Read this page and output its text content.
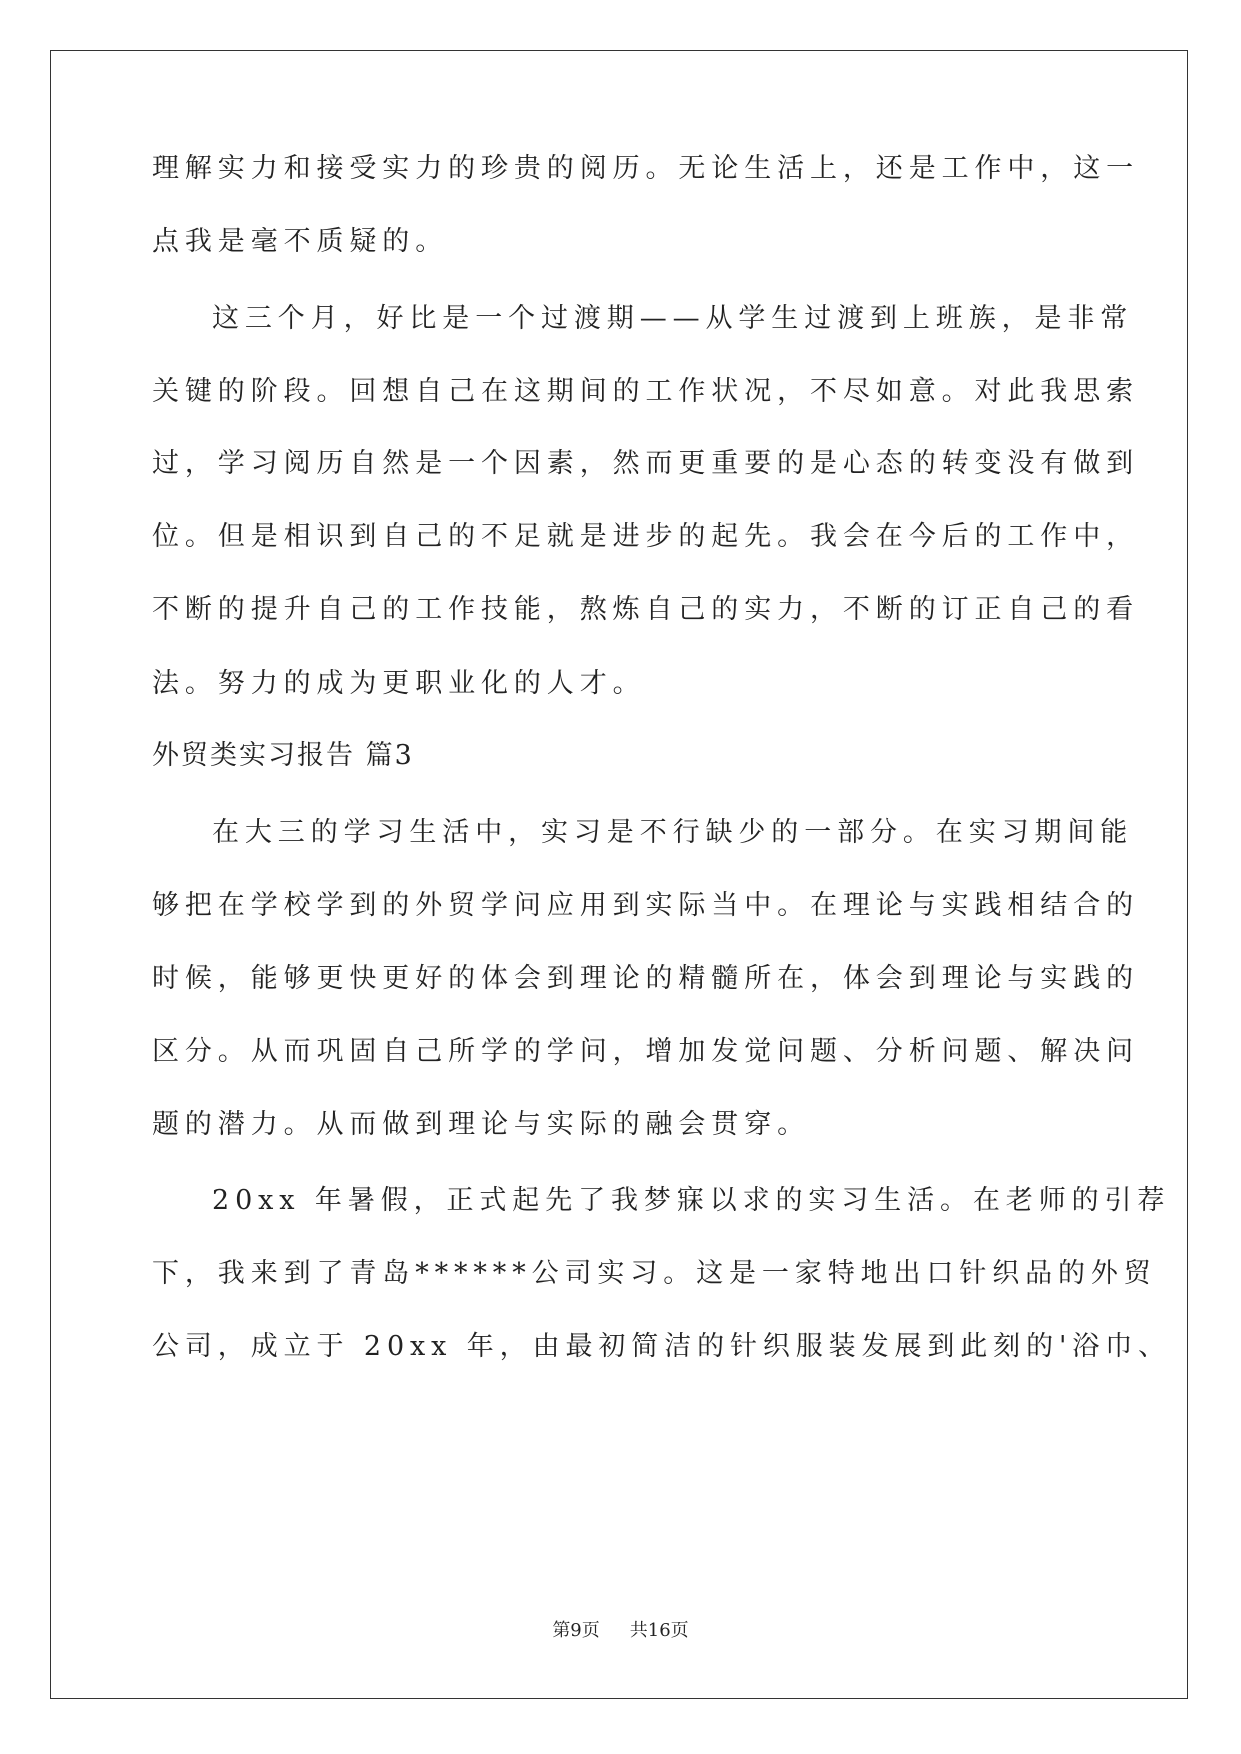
理解实力和接受实力的珍贵的阅历。无论生活上，还是工作中，这一
点我是毫不质疑的。
这三个月，好比是一个过渡期——从学生过渡到上班族，是非常
关键的阶段。回想自己在这期间的工作状况，不尽如意。对此我思索
过，学习阅历自然是一个因素，然而更重要的是心态的转变没有做到
位。但是相识到自己的不足就是进步的起先。我会在今后的工作中，
不断的提升自己的工作技能，熬炼自己的实力，不断的订正自己的看
法。努力的成为更职业化的人才。
外贸类实习报告 篇3
在大三的学习生活中，实习是不行缺少的一部分。在实习期间能
够把在学校学到的外贸学问应用到实际当中。在理论与实践相结合的
时候，能够更快更好的体会到理论的精髓所在，体会到理论与实践的
区分。从而巩固自己所学的学问，增加发觉问题、分析问题、解决问
题的潜力。从而做到理论与实际的融会贯穿。
20xx 年暑假，正式起先了我梦寐以求的实习生活。在老师的引荐
下，我来到了青岛******公司实习。这是一家特地出口针织品的外贸
公司，成立于 20xx 年，由最初简洁的针织服装发展到此刻的'浴巾、
第9页 共16页
